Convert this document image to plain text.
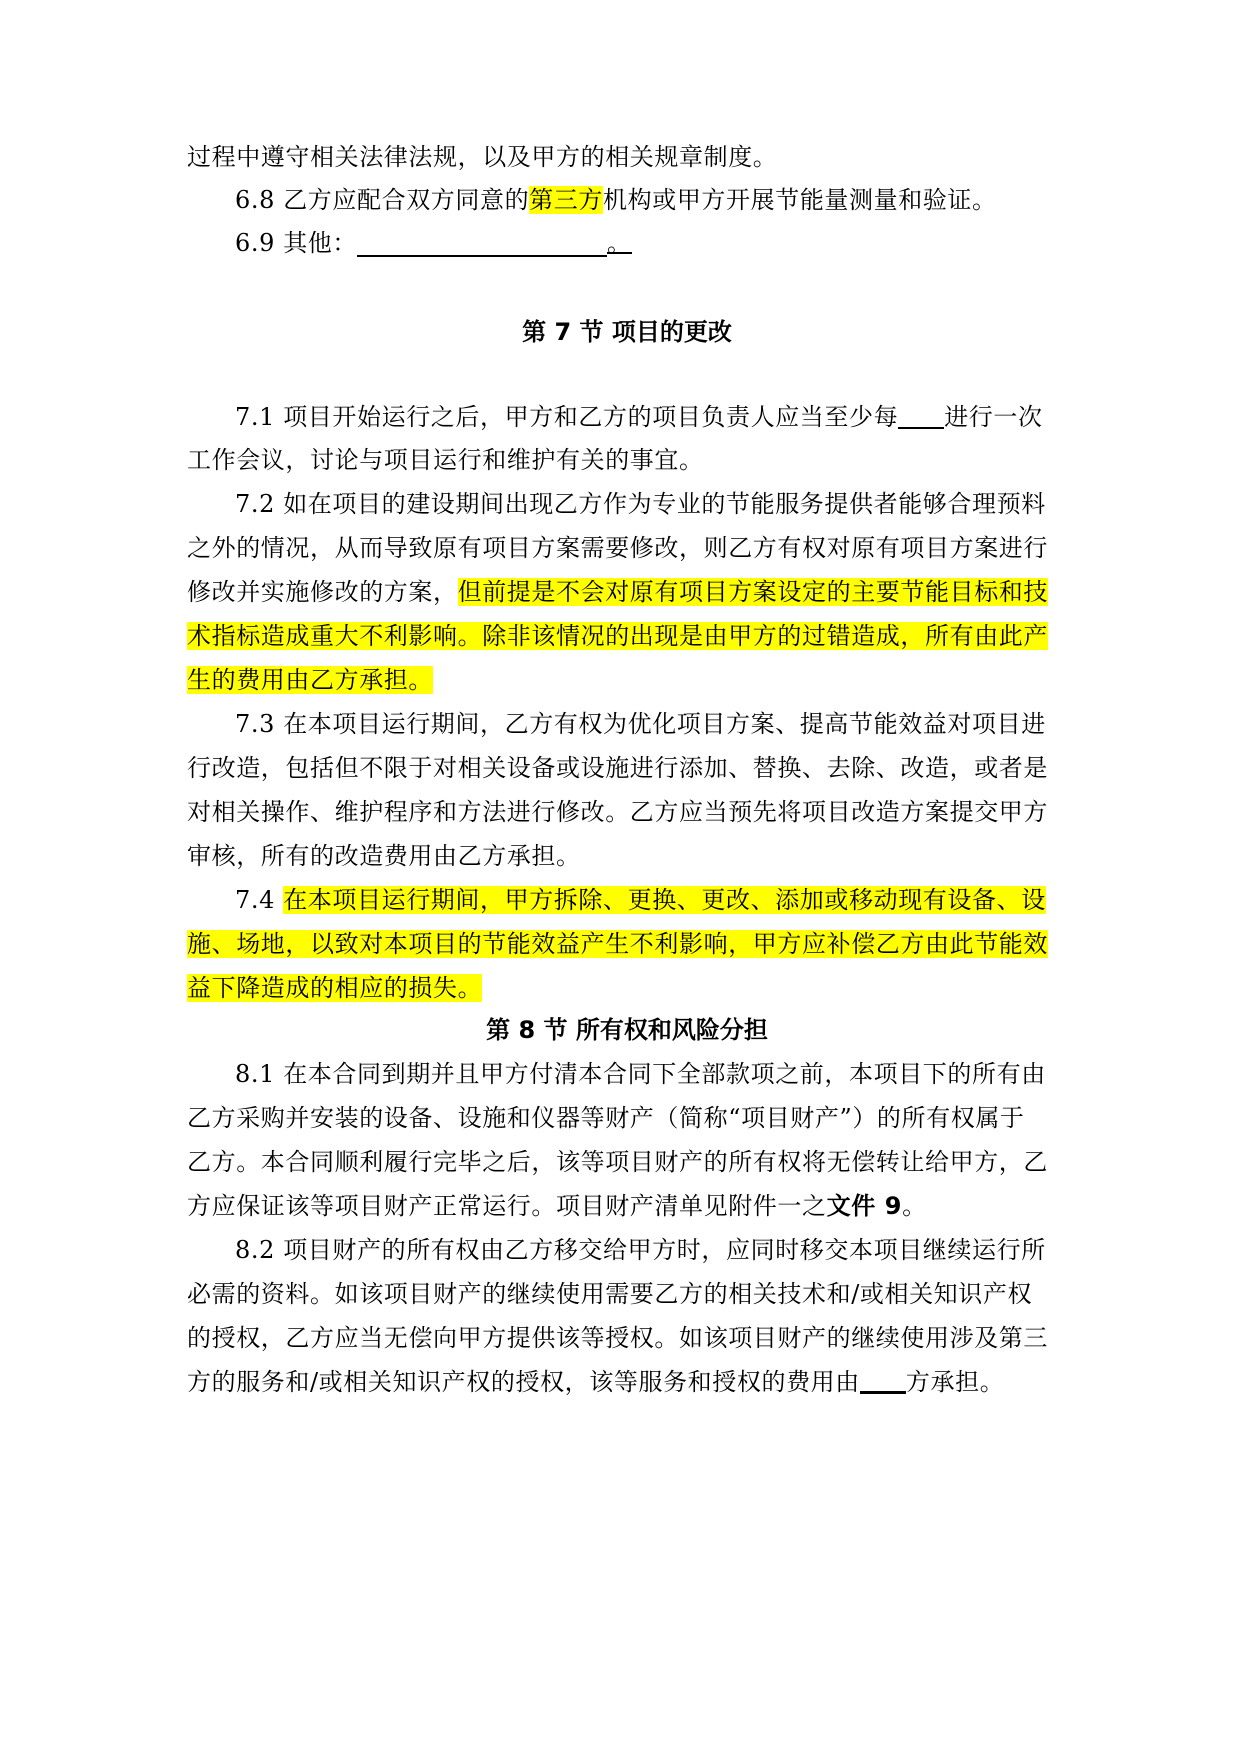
过程中遵守相关法律法规，以及甲方的相关规章制度。
6.8 乙方应配合双方同意的第三方机构或甲方开展节能量测量和验证。
6.9 其他：	。
第 7 节 项目的更改
7.1 项目开始运行之后，甲方和乙方的项目负责人应当至少每 进行一次
工作会议，讨论与项目运行和维护有关的事宜。
7.2 如在项目的建设期间出现乙方作为专业的节能服务提供者能够合理预料
之外的情况，从而导致原有项目方案需要修改，则乙方有权对原有项目方案进行
修改并实施修改的方案，但前提是不会对原有项目方案设定的主要节能目标和技
术指标造成重大不利影响。除非该情况的出现是由甲方的过错造成，所有由此产
生的费用由乙方承担。
7.3 在本项目运行期间，乙方有权为优化项目方案、提高节能效益对项目进
行改造，包括但不限于对相关设备或设施进行添加、替换、去除、改造，或者是
对相关操作、维护程序和方法进行修改。乙方应当预先将项目改造方案提交甲方
审核，所有的改造费用由乙方承担。
7.4 在本项目运行期间，甲方拆除、更换、更改、添加或移动现有设备、设
施、场地，以致对本项目的节能效益产生不利影响，甲方应补偿乙方由此节能效
益下降造成的相应的损失。
第 8 节 所有权和风险分担
8.1 在本合同到期并且甲方付清本合同下全部款项之前，本项目下的所有由
乙方采购并安装的设备、设施和仪器等财产（简称“项目财产”）的所有权属于
乙方。本合同顺利履行完毕之后，该等项目财产的所有权将无偿转让给甲方，乙
方应保证该等项目财产正常运行。项目财产清单见附件一之文件 9。
8.2 项目财产的所有权由乙方移交给甲方时，应同时移交本项目继续运行所
必需的资料。如该项目财产的继续使用需要乙方的相关技术和/或相关知识产权
的授权，乙方应当无偿向甲方提供该等授权。如该项目财产的继续使用涉及第三
方的服务和/或相关知识产权的授权，该等服务和授权的费用由 方承担。
